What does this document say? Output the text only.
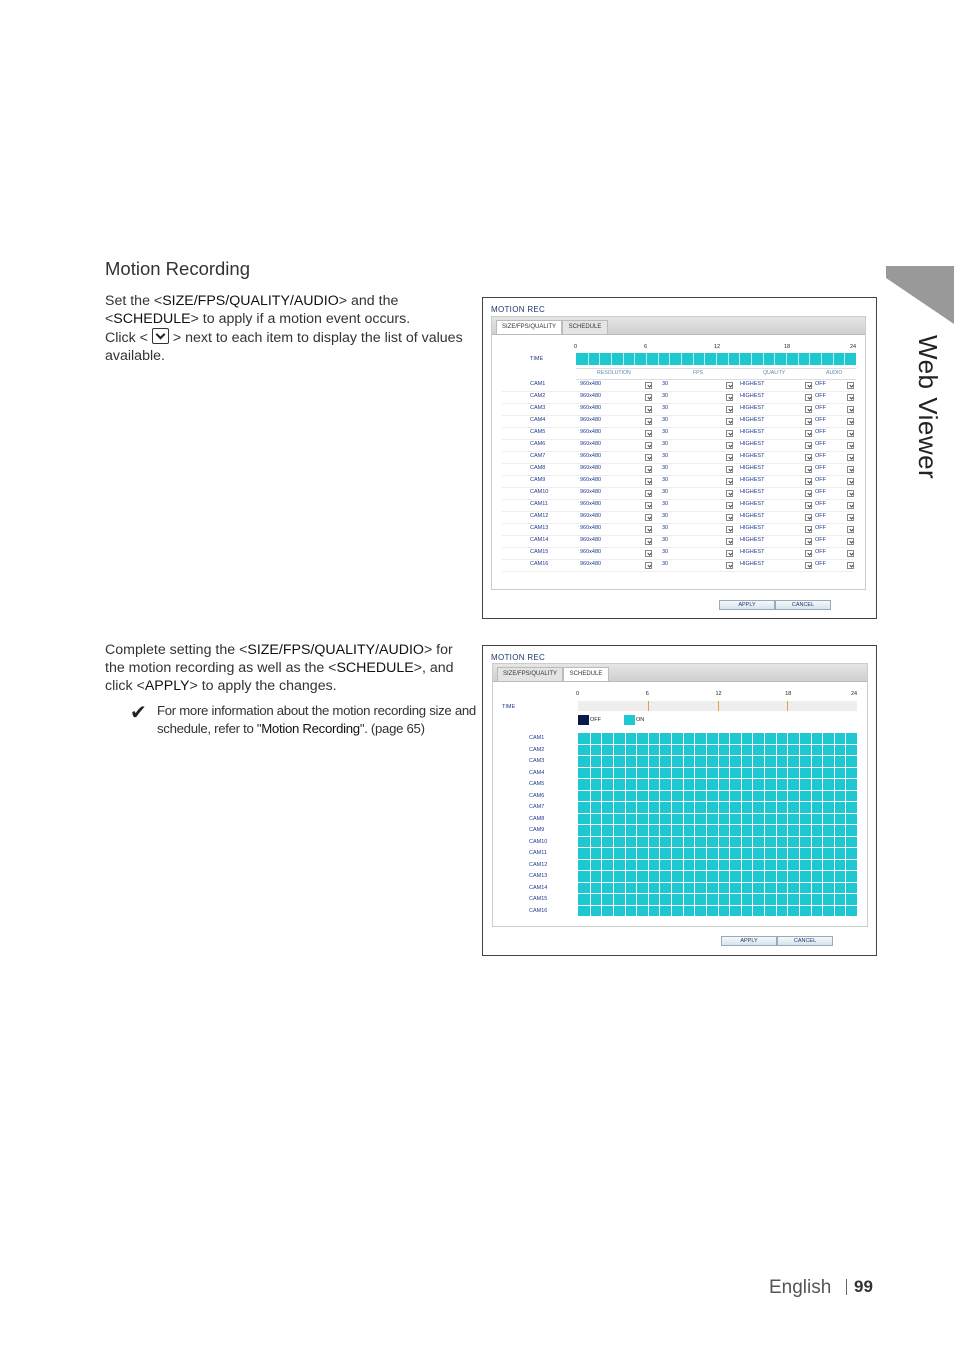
Web Viewer
Motion Recording
Set the <SIZE/FPS/QUALITY/AUDIO> and the <SCHEDULE> to apply if a motion event occurs.
Click <  > next to each item to display the list of values available.
Complete setting the <SIZE/FPS/QUALITY/AUDIO> for the motion recording as well as the <SCHEDULE>, and click <APPLY> to apply the changes.
✔ For more information about the motion recording size and schedule, refer to "Motion Recording". (page 65)
MOTION REC
SIZE/FPS/QUALITY	SCHEDULE
TIME
0	6	12	18	24
RESOLUTION	FPS	QUALITY	AUDIO
CAM1	960x480	30	HIGHEST	OFF
CAM2	960x480	30	HIGHEST	OFF
CAM3	960x480	30	HIGHEST	OFF
CAM4	960x480	30	HIGHEST	OFF
CAM5	960x480	30	HIGHEST	OFF
CAM6	960x480	30	HIGHEST	OFF
CAM7	960x480	30	HIGHEST	OFF
CAM8	960x480	30	HIGHEST	OFF
CAM9	960x480	30	HIGHEST	OFF
CAM10	960x480	30	HIGHEST	OFF
CAM11	960x480	30	HIGHEST	OFF
CAM12	960x480	30	HIGHEST	OFF
CAM13	960x480	30	HIGHEST	OFF
CAM14	960x480	30	HIGHEST	OFF
CAM15	960x480	30	HIGHEST	OFF
CAM16	960x480	30	HIGHEST	OFF
APPLY	CANCEL
MOTION REC
SIZE/FPS/QUALITY	SCHEDULE
TIME
0	6	12	18	24
OFF	ON
CAM1
CAM2
CAM3
CAM4
CAM5
CAM6
CAM7
CAM8
CAM9
CAM10
CAM11
CAM12
CAM13
CAM14
CAM15
CAM16
APPLY	CANCEL
English 99
